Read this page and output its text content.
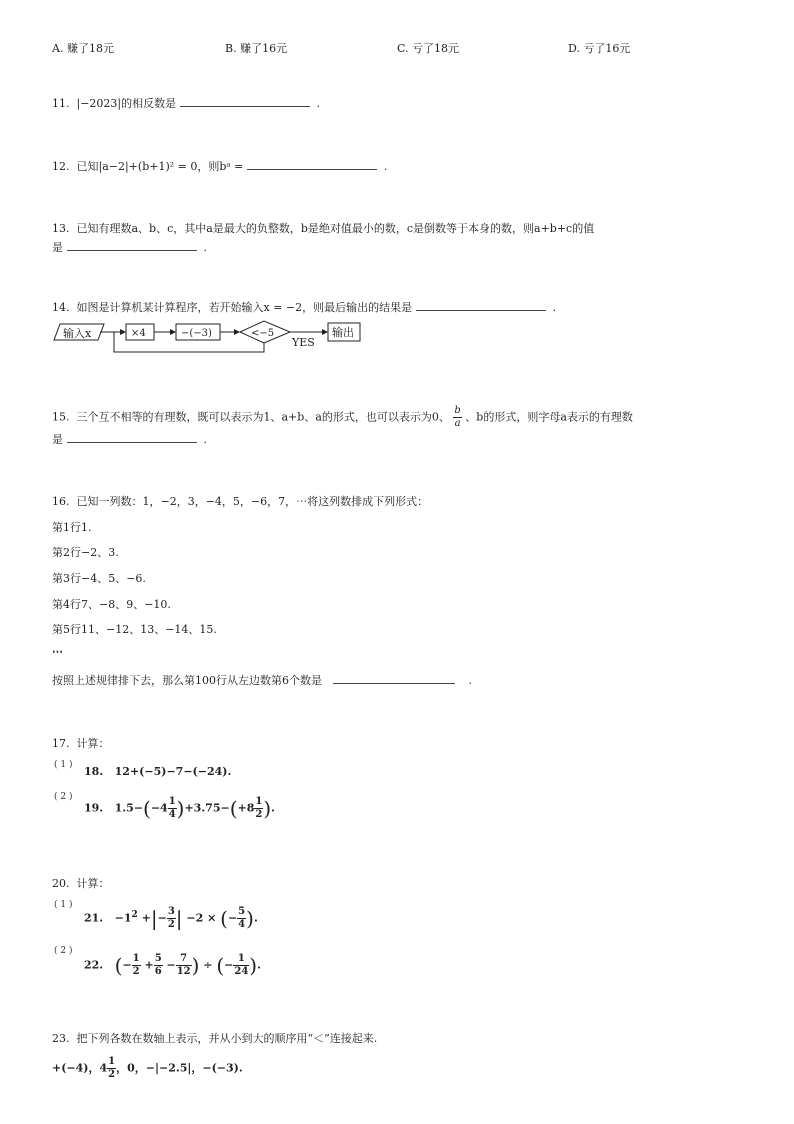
A. 赚了18元	B. 赚了16元	C. 亏了18元	D. 亏了16元
11. |−2023|的相反数是	.
12. 已知|a−2|+(b+1)² = 0，则bᵃ =	.
13. 已知有理数a、b、c，其中a是最大的负整数，b是绝对值最小的数，c是倒数等于本身的数，则a+b+c的值
是	.
14. 如图是计算机某计算程序，若开始输入x = −2，则最后输出的结果是	.
输入x	×4	−(−3)	<−5
YES
输出
15. 三个互不相等的有理数，既可以表示为1、a+b、a的形式，也可以表示为0、 $\frac{b}{a}$ 、b的形式，则字母a表示的有理数
是	.
16. 已知一列数：1，−2，3，−4，5，−6，7，⋯将这列数排成下列形式：
第1行1.
第2行−2、3.
第3行−4、5、−6.
第4行7、−8、9、−10.
第5行11、−12、13、−14、15.
⋯
按照上述规律排下去，那么第100行从左边数第6个数是	.
17. 计算：
( 1 ) 18. 12+(−5)−7−(−24).
( 2 )
19. $1.5-(-4 \frac{1}{4} )+3.75-(+8 \frac{1}{2}$ ).
20. 计算：
( 1 )
21. $-1^2$ +|− $\frac{3}{2}$ | −2 × (− $\frac{5}{4}$ ).
( 2 )
22. (− $\frac{1}{2} + \frac{5}{6} - \frac{7}{12}$ ) ÷ (− $\frac{1}{24}$ ).
23. 把下列各数在数轴上表示，并从小到大的顺序用“＜”连接起来.
+(−4)，$4 \frac{1}{2}$ ，0，−|−2.5|，−(−3).
